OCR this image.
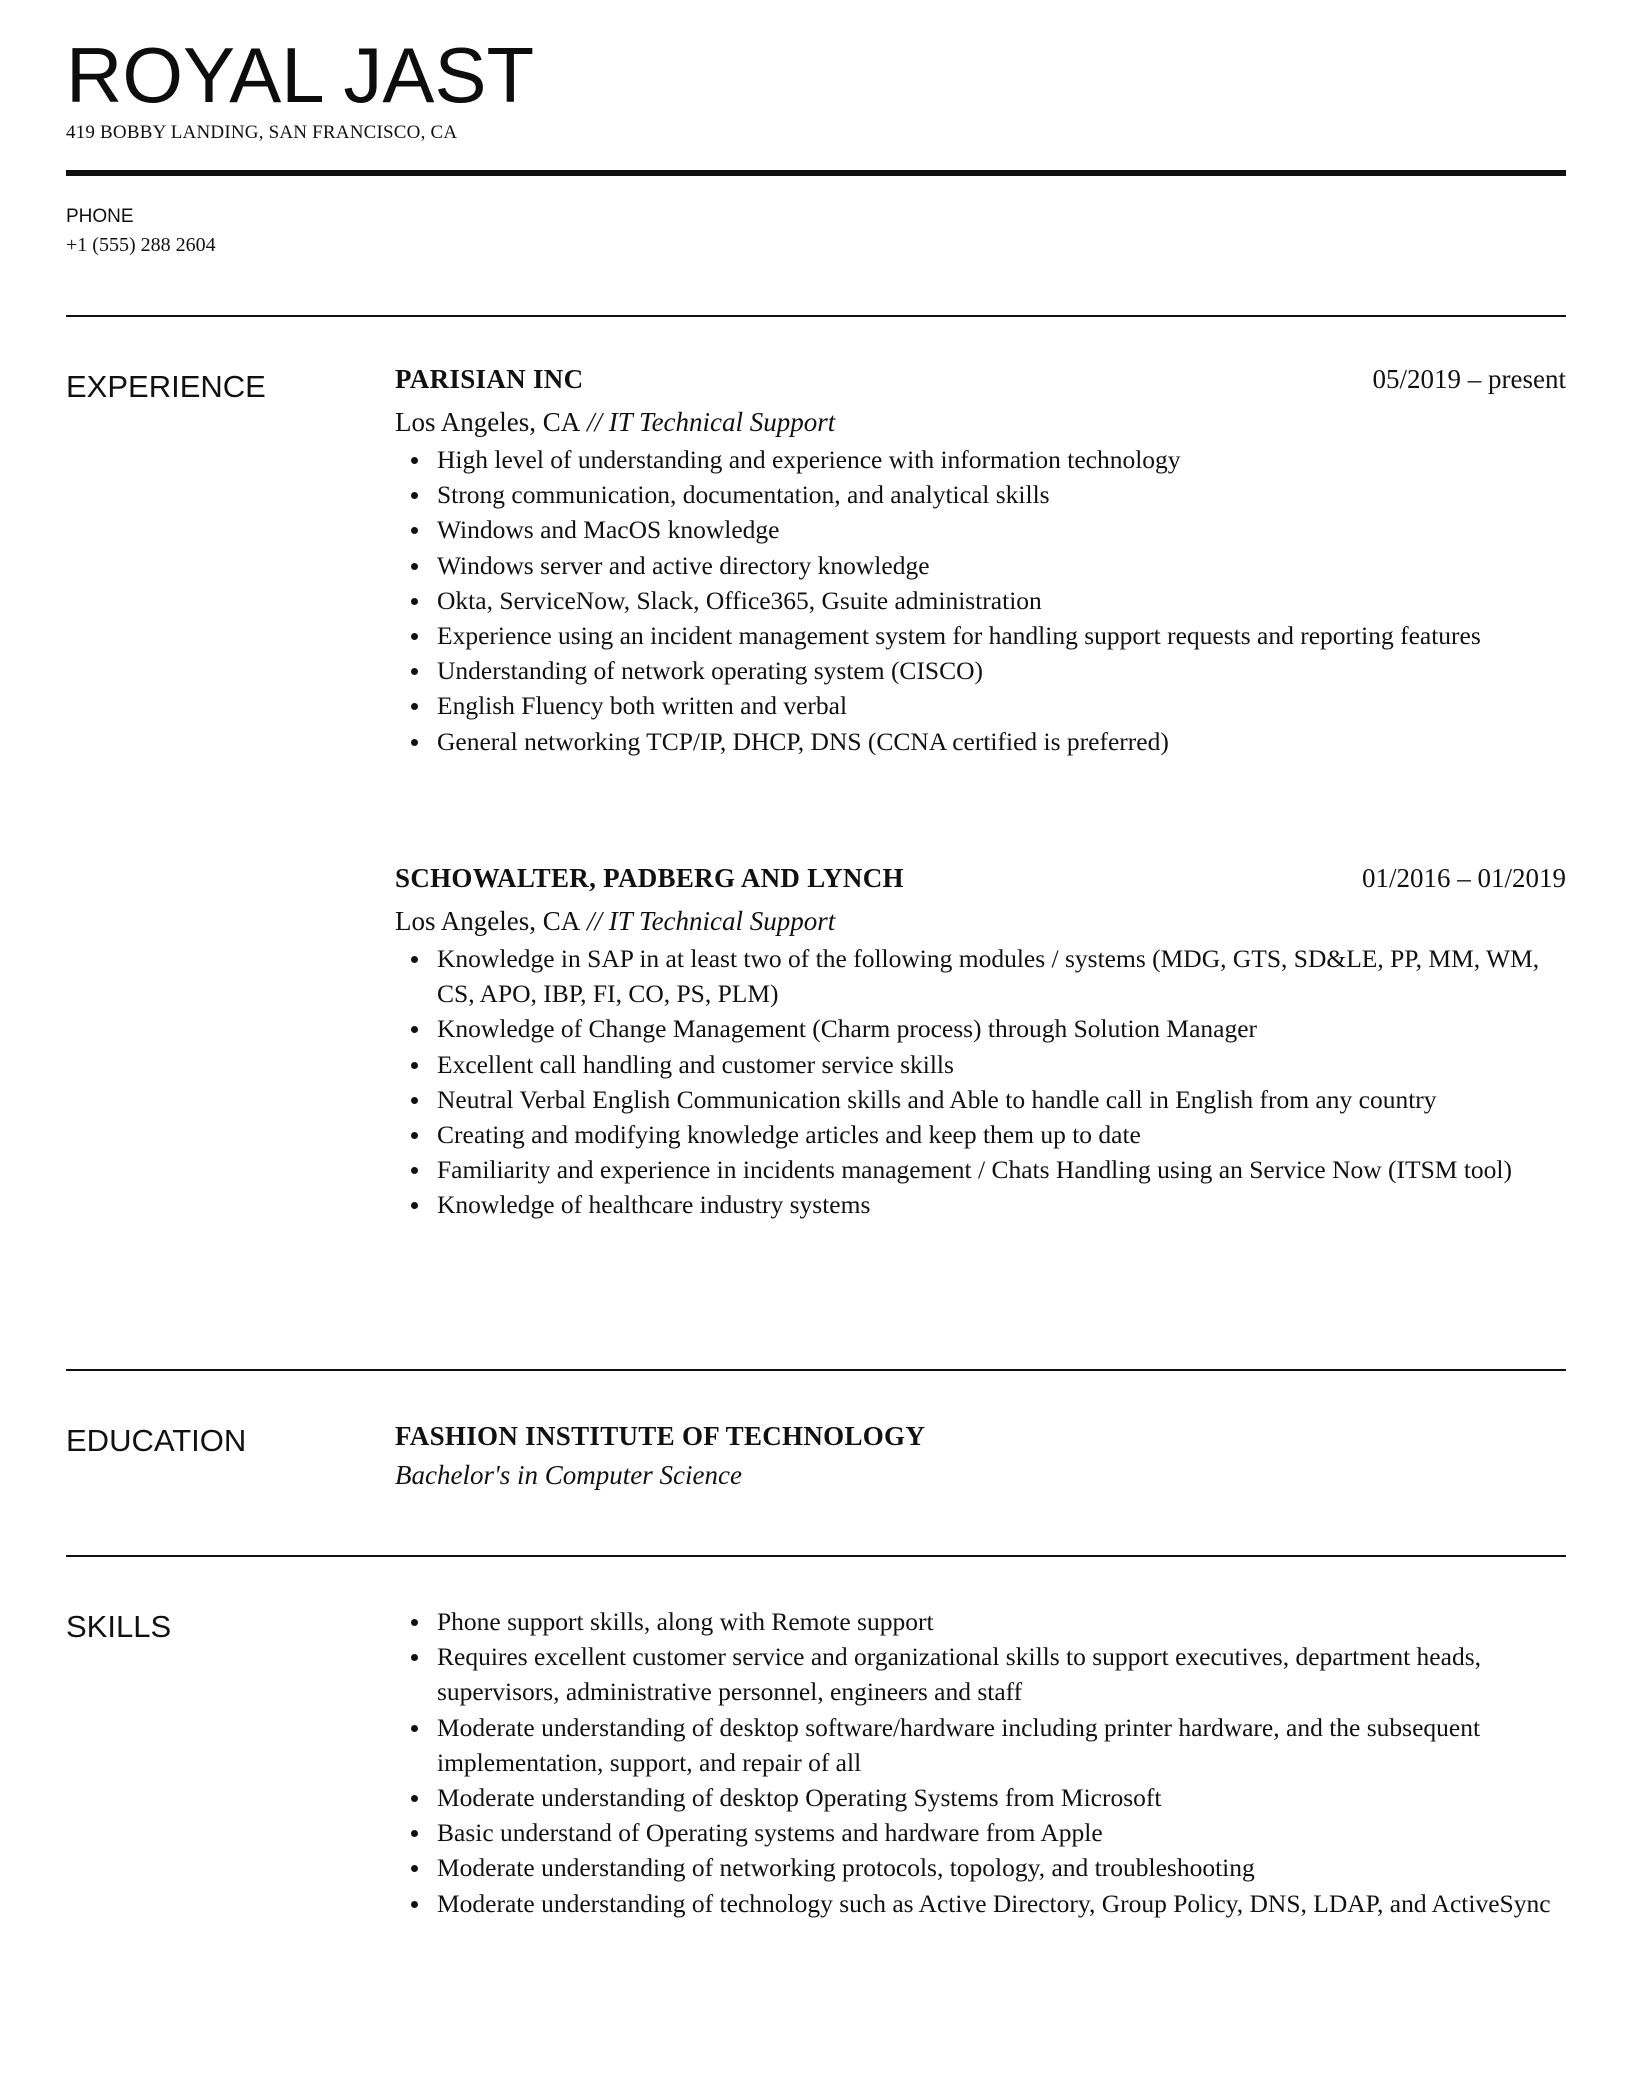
ROYAL JAST
419 BOBBY LANDING, SAN FRANCISCO, CA
PHONE
+1 (555) 288 2604
EXPERIENCE	PARISIAN INC	05/2019 – present
Los Angeles, CA // IT Technical Support
High level of understanding and experience with information technology
Strong communication, documentation, and analytical skills
Windows and MacOS knowledge
Windows server and active directory knowledge
Okta, ServiceNow, Slack, Office365, Gsuite administration
Experience using an incident management system for handling support requests and reporting features
Understanding of network operating system (CISCO)
English Fluency both written and verbal
General networking TCP/IP, DHCP, DNS (CCNA certified is preferred)
SCHOWALTER, PADBERG AND LYNCH	01/2016 – 01/2019
Los Angeles, CA // IT Technical Support
Knowledge in SAP in at least two of the following modules / systems (MDG, GTS, SD&LE, PP, MM, WM, CS, APO, IBP, FI, CO, PS, PLM)
Knowledge of Change Management (Charm process) through Solution Manager
Excellent call handling and customer service skills
Neutral Verbal English Communication skills and Able to handle call in English from any country
Creating and modifying knowledge articles and keep them up to date
Familiarity and experience in incidents management / Chats Handling using an Service Now (ITSM tool)
Knowledge of healthcare industry systems
EDUCATION	FASHION INSTITUTE OF TECHNOLOGY
Bachelor's in Computer Science
SKILLS	Phone support skills, along with Remote support
Requires excellent customer service and organizational skills to support executives, department heads, supervisors, administrative personnel, engineers and staff
Moderate understanding of desktop software/hardware including printer hardware, and the subsequent implementation, support, and repair of all
Moderate understanding of desktop Operating Systems from Microsoft
Basic understand of Operating systems and hardware from Apple
Moderate understanding of networking protocols, topology, and troubleshooting
Moderate understanding of technology such as Active Directory, Group Policy, DNS, LDAP, and ActiveSync
